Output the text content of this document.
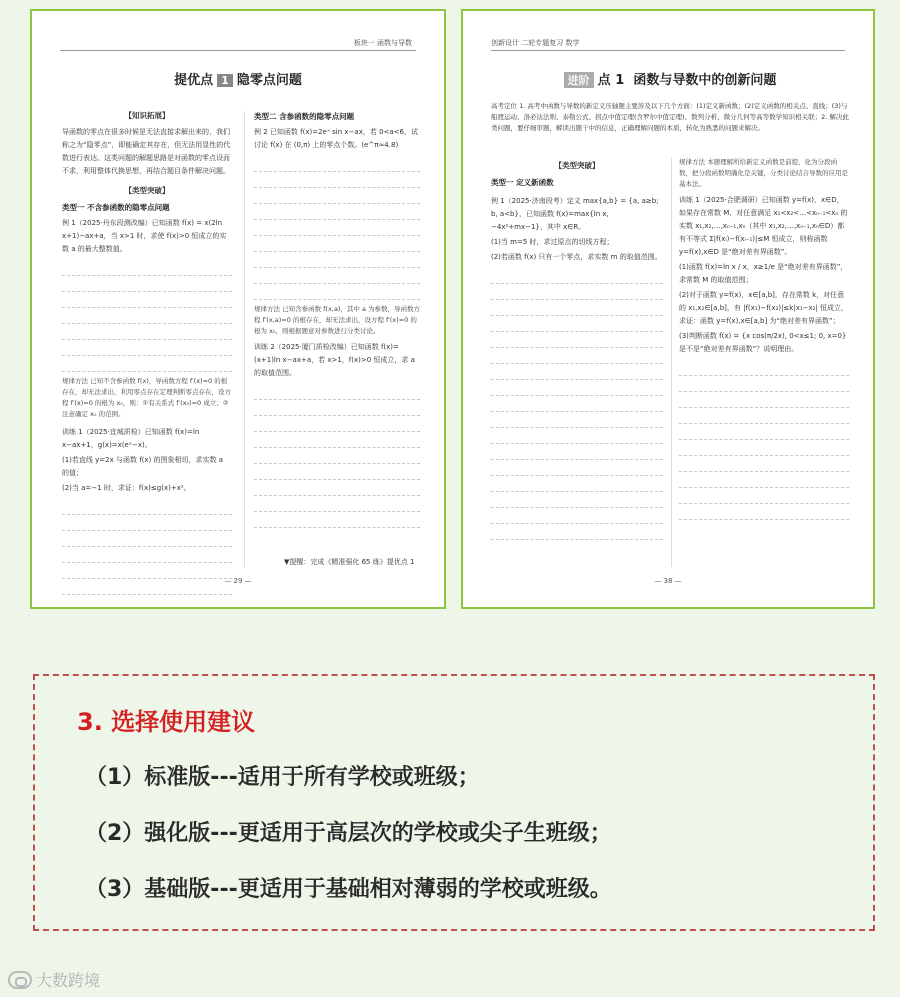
板块一 函数与导数
提优点 1 隐零点问题
【知识拓展】
导函数的零点在很多时候是无法直接求解出来的，我们称之为“隐零点”，即能确定其存在，但无法用显性的代数进行表达。这类问题的解题思路是对函数的零点设而不求，利用整体代换思想，再结合题目条件解决问题。
【类型突破】
类型一 不含参函数的隐零点问题
例 1（2025·丹东段测改编）已知函数 f(x) = x(2ln x+1)−ax+a，当 x>1 时，求使 f(x)>0 恒成立的实数 a 的最大整数值。
规律方法 已知不含参函数 f(x)，导函数方程 f′(x)=0 的根存在，却无法求出，利用零点存在定理判断零点存在，设方程 f′(x)=0 的根为 x₀，则：①有关系式 f′(x₀)=0 成立；②注意确定 x₀ 的范围。
训练 1（2025·宜城质检）已知函数 f(x)=ln x−ax+1，g(x)=x(eˣ−x)。
(1)若直线 y=2x 与函数 f(x) 的图象相切，求实数 a 的值；
(2)当 a=−1 时，求证：f(x)≤g(x)+x²。
类型二 含参函数的隐零点问题
例 2 已知函数 f(x)=2eˣ sin x−ax，若 0<a<6，试讨论 f(x) 在 (0,π) 上的零点个数。(e^π≈4.8)
规律方法 已知含参函数 f(x,a)，其中 a 为参数，导函数方程 f′(x,a)=0 的根存在，却无法求出，设方程 f′(x)=0 的根为 x₀，则根据题意对参数进行分类讨论。
训练 2（2025·厦门质检改编）已知函数 f(x)=(x+1)ln x−ax+a，若 x>1，f(x)>0 恒成立，求 a 的取值范围。
▼提醒：完成《精准强化 65 练》提优点 1
— 29 —
创新设计 二轮专题复习 数学
进阶 点 1 函数与导数中的创新问题
高考定位 1. 高考中函数与导数的新定义压轴题主要涉及以下几个方面：(1)定义新函数；(2)定义函数的相关点、直线；(3)与船渡运动、洛必达法则、泰勒公式、拐点中值定理(含罗尔中值定理)、数列分析、微分几何等高等数学知识相关联；2. 解决此类问题，要仔细审题，解读出题干中的信息，正确理解问题的本质，转化为熟悉的问题来解决。
【类型突破】
类型一 定义新函数
例 1（2025·济南段考）定义 max{a,b} = {a, a≥b; b, a<b}，已知函数 f(x)=max{ln x, −4x²+mx−1}，其中 x∈R。
(1)当 m=5 时，求过原点的切线方程；
(2)若函数 f(x) 只有一个零点，求实数 m 的取值范围。
规律方法 本题理解所给新定义函数是前提，化为分段函数，把分段函数明确化是关键，分类讨论结合导数的应用是基本法。
训练 1（2025·合肥调研）已知函数 y=f(x)，x∈D，如果存在常数 M，对任意满足 x₁<x₂<…<xₙ₋₁<xₙ 的实数 x₁,x₂,…,xₙ₋₁,xₙ（其中 x₁,x₂,…,xₙ₋₁,xₙ∈D）都有不等式 Σ|f(xᵢ)−f(xᵢ₋₁)|≤M 恒成立，则称函数 y=f(x),x∈D 是“绝对差有界函数”。
(1)函数 f(x)=ln x / x，x≥1/e 是“绝对差有界函数”，求常数 M 的取值范围；
(2)对于函数 y=f(x)，x∈[a,b]，存在常数 k，对任意的 x₁,x₂∈[a,b]，有 |f(x₁)−f(x₂)|≤k|x₁−x₂| 恒成立，求证：函数 y=f(x),x∈[a,b] 为“绝对差有界函数”；
(3)判断函数 f(x) = {x cos(π/2x), 0<x≤1; 0, x=0} 是不是“绝对差有界函数”？说明理由。
— 38 —
3. 选择使用建议
（1）标准版---适用于所有学校或班级；
（2）强化版---更适用于高层次的学校或尖子生班级；
（3）基础版---更适用于基础相对薄弱的学校或班级。
大数跨境
